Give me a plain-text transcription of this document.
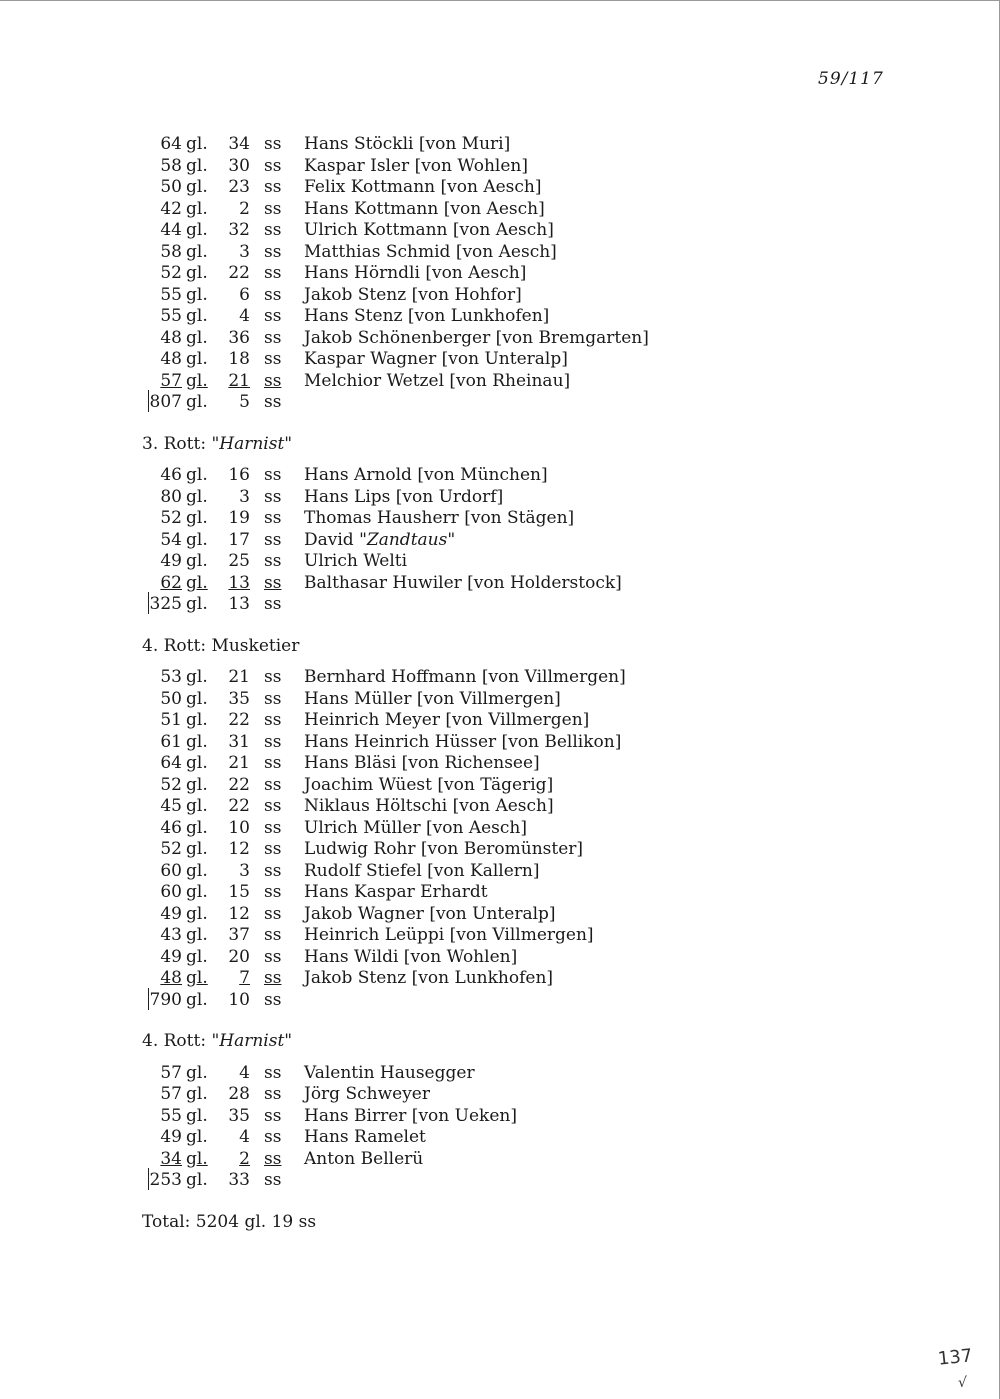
59/117
64 gl.	34 ss Hans Stöckli [von Muri]
58 gl.	30 ss Kaspar Isler [von Wohlen]
50 gl.	23 ss Felix Kottmann [von Aesch]
42 gl.	2 ss Hans Kottmann [von Aesch]
44 gl.	32 ss Ulrich Kottmann [von Aesch]
58 gl.	3 ss Matthias Schmid [von Aesch]
52 gl.	22 ss Hans Hörndli [von Aesch]
55 gl.	6 ss Jakob Stenz [von Hohfor]
55 gl.	4 ss Hans Stenz [von Lunkhofen]
48 gl.	36 ss Jakob Schönenberger [von Bremgarten]
48 gl.	18 ss Kaspar Wagner [von Unteralp]
57 gl.	21 ss Melchior Wetzel [von Rheinau]
807 gl.	5 ss
3. Rott: "Harnist"
46 gl.	16 ss Hans Arnold [von München]
80 gl.	3 ss Hans Lips [von Urdorf]
52 gl.	19 ss Thomas Hausherr [von Stägen]
54 gl.	17 ss David "Zandtaus"
49 gl.	25 ss Ulrich Welti
62 gl.	13 ss Balthasar Huwiler [von Holderstock]
325 gl.	13 ss
4. Rott: Musketier
53 gl.	21 ss Bernhard Hoffmann [von Villmergen]
50 gl.	35 ss Hans Müller [von Villmergen]
51 gl.	22 ss Heinrich Meyer [von Villmergen]
61 gl.	31 ss Hans Heinrich Hüsser [von Bellikon]
64 gl.	21 ss Hans Bläsi [von Richensee]
52 gl.	22 ss Joachim Wüest [von Tägerig]
45 gl.	22 ss Niklaus Höltschi [von Aesch]
46 gl.	10 ss Ulrich Müller [von Aesch]
52 gl.	12 ss Ludwig Rohr [von Beromünster]
60 gl.	3 ss Rudolf Stiefel [von Kallern]
60 gl.	15 ss Hans Kaspar Erhardt
49 gl.	12 ss Jakob Wagner [von Unteralp]
43 gl.	37 ss Heinrich Leüppi [von Villmergen]
49 gl.	20 ss Hans Wildi [von Wohlen]
48 gl.	7 ss Jakob Stenz [von Lunkhofen]
790 gl.	10 ss
4. Rott: "Harnist"
57 gl.	4 ss Valentin Hausegger
57 gl.	28 ss Jörg Schweyer
55 gl.	35 ss Hans Birrer [von Ueken]
49 gl.	4 ss Hans Ramelet
34 gl.	2 ss Anton Bellerü
253 gl.	33 ss
Total: 5204 gl. 19 ss
137
√
